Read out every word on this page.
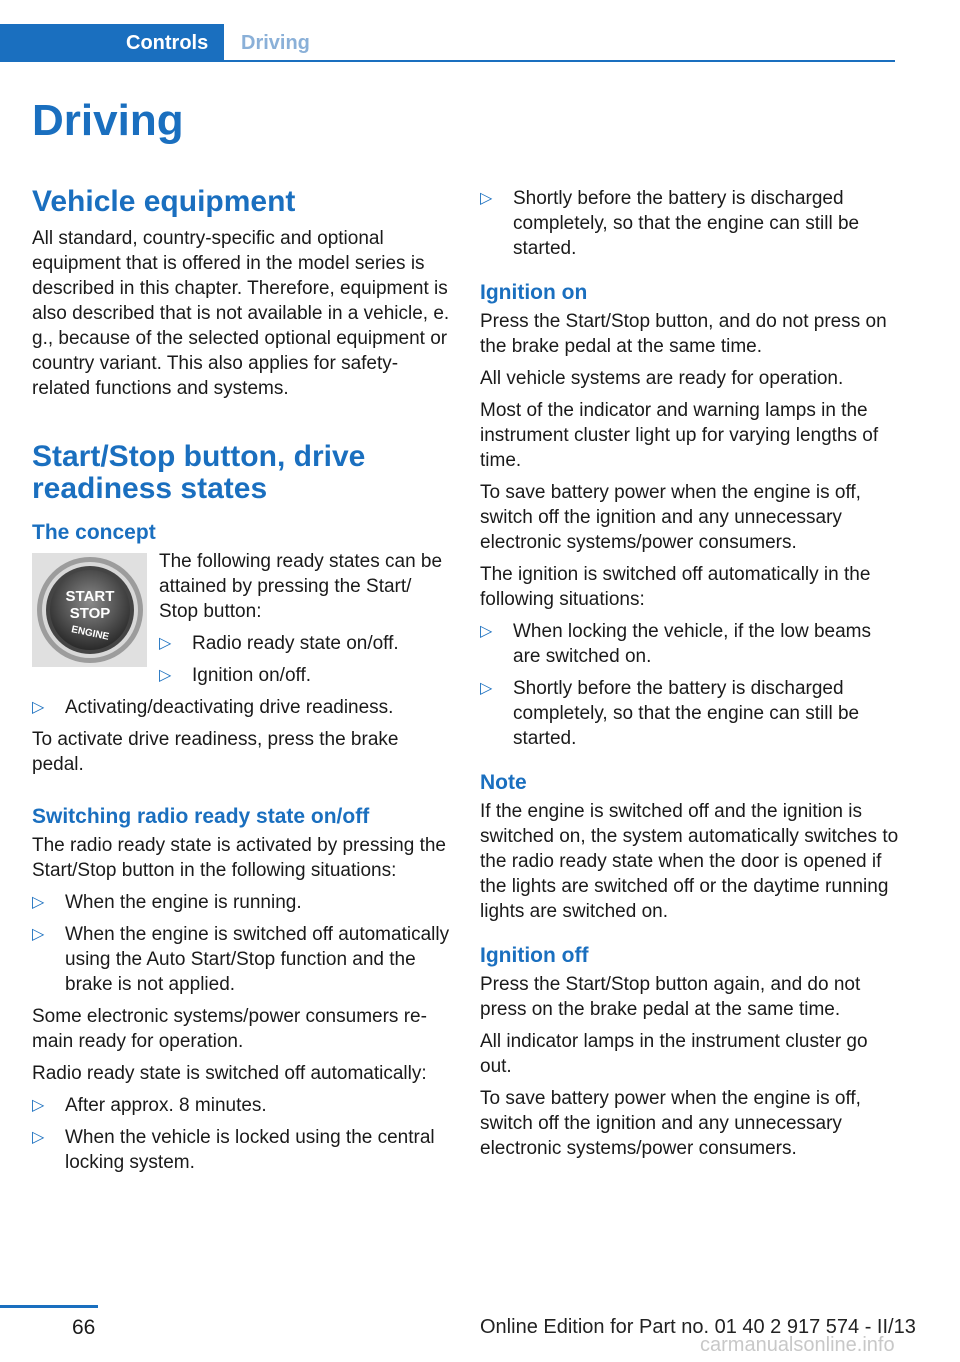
Controls	Driving
Driving
Vehicle equipment

All standard, country-specific and optional equipment that is offered in the model series is described in this chapter. Therefore, equipment is also described that is not available in a vehicle, e. g., because of the selected optional equipment or country variant. This also applies for safety-related functions and systems.

Start/Stop button, drive readiness states
The concept
START
STOP
ENGINE

The following ready states can be attained by pressing the Start/ Stop button:

▷ Radio ready state on/off.
▷ Ignition on/off.
▷ Activating/deactivating drive readiness.

To activate drive readiness, press the brake pedal.

Switching radio ready state on/off

The radio ready state is activated by pressing the Start/Stop button in the following situations:

▷ When the engine is running.
▷ When the engine is switched off automatically using the Auto Start/Stop function and the brake is not applied.

Some electronic systems/power consumers remain ready for operation.

Radio ready state is switched off automatically:

▷ After approx. 8 minutes.
▷ When the vehicle is locked using the central locking system.
▷ Shortly before the battery is discharged completely, so that the engine can still be started.
Ignition on

Press the Start/Stop button, and do not press on the brake pedal at the same time.

All vehicle systems are ready for operation.

Most of the indicator and warning lamps in the instrument cluster light up for varying lengths of time.

To save battery power when the engine is off, switch off the ignition and any unnecessary electronic systems/power consumers.

The ignition is switched off automatically in the following situations:

▷ When locking the vehicle, if the low beams are switched on.
▷ Shortly before the battery is discharged completely, so that the engine can still be started.
Note

If the engine is switched off and the ignition is switched on, the system automatically switches to the radio ready state when the door is opened if the lights are switched off or the daytime running lights are switched on.

Ignition off

Press the Start/Stop button again, and do not press on the brake pedal at the same time.

All indicator lamps in the instrument cluster go out.

To save battery power when the engine is off, switch off the ignition and any unnecessary electronic systems/power consumers.

66	Online Edition for Part no. 01 40 2 917 574 - II/13
carmanualsonline.info
